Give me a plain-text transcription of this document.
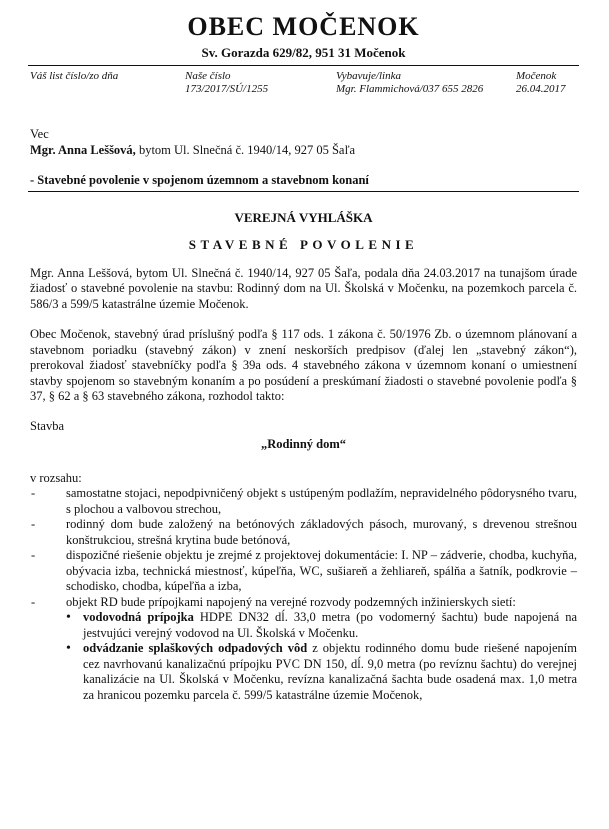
OBEC MOČENOK
Sv. Gorazda 629/82, 951 31 Močenok
Váš list číslo/zo dňa	Naše číslo
173/2017/SÚ/1255
Vybavuje/linka
Mgr. Flammichová/037 655 2826
Močenok
26.04.2017
Vec
Mgr. Anna Leššová, bytom Ul. Slnečná č. 1940/14, 927 05 Šaľa
- Stavebné povolenie v spojenom územnom a stavebnom konaní
VEREJNÁ VYHLÁŠKA
STAVEBNÉ POVOLENIE

Mgr. Anna Leššová, bytom Ul. Slnečná č. 1940/14, 927 05 Šaľa, podala dňa 24.03.2017 na tunajšom úrade žiadosť o stavebné povolenie na stavbu: Rodinný dom na Ul. Školská v Močenku, na pozemkoch parcela č. 586/3 a 599/5 katastrálne územie Močenok.

Obec Močenok, stavebný úrad príslušný podľa § 117 ods. 1 zákona č. 50/1976 Zb. o územnom plánovaní a stavebnom poriadku (stavebný zákon) v znení neskorších predpisov (ďalej len „stavebný zákon“), prerokoval žiadosť stavebníčky podľa § 39a ods. 4 stavebného zákona v územnom konaní o umiestnení stavby spojenom so stavebným konaním a po posúdení a preskúmaní žiadosti o stavebné povolenie podľa § 37, § 62 a § 63 stavebného zákona, rozhodol takto:

Stavba
„Rodinný dom“
v rozsahu:
- samostatne stojaci, nepodpivničený objekt s ustúpeným podlažím, nepravidelného pôdorysného tvaru, s plochou a valbovou strechou,
- rodinný dom bude založený na betónových základových pásoch, murovaný, s drevenou strešnou konštrukciou, strešná krytina bude betónová,
- dispozičné riešenie objektu je zrejmé z projektovej dokumentácie: I. NP – zádverie, chodba, kuchyňa, obývacia izba, technická miestnosť, kúpeľňa, WC, sušiareň a žehliareň, spálňa a šatník, podkrovie – schodisko, chodba, kúpeľňa a izba,
- objekt RD bude prípojkami napojený na verejné rozvody podzemných inžinierskych sietí:
• vodovodná prípojka HDPE DN32 dĺ. 33,0 metra (po vodomerný šachtu) bude napojená na jestvujúci verejný vodovod na Ul. Školská v Močenku.
• odvádzanie splaškových odpadových vôd z objektu rodinného domu bude riešené napojením cez navrhovanú kanalizačnú prípojku PVC DN 150, dĺ. 9,0 metra (po revíznu šachtu) do verejnej kanalizácie na Ul. Školská v Močenku, revízna kanalizačná šachta bude osadená max. 1,0 metra za hranicou pozemku parcela č. 599/5 katastrálne územie Močenok,
